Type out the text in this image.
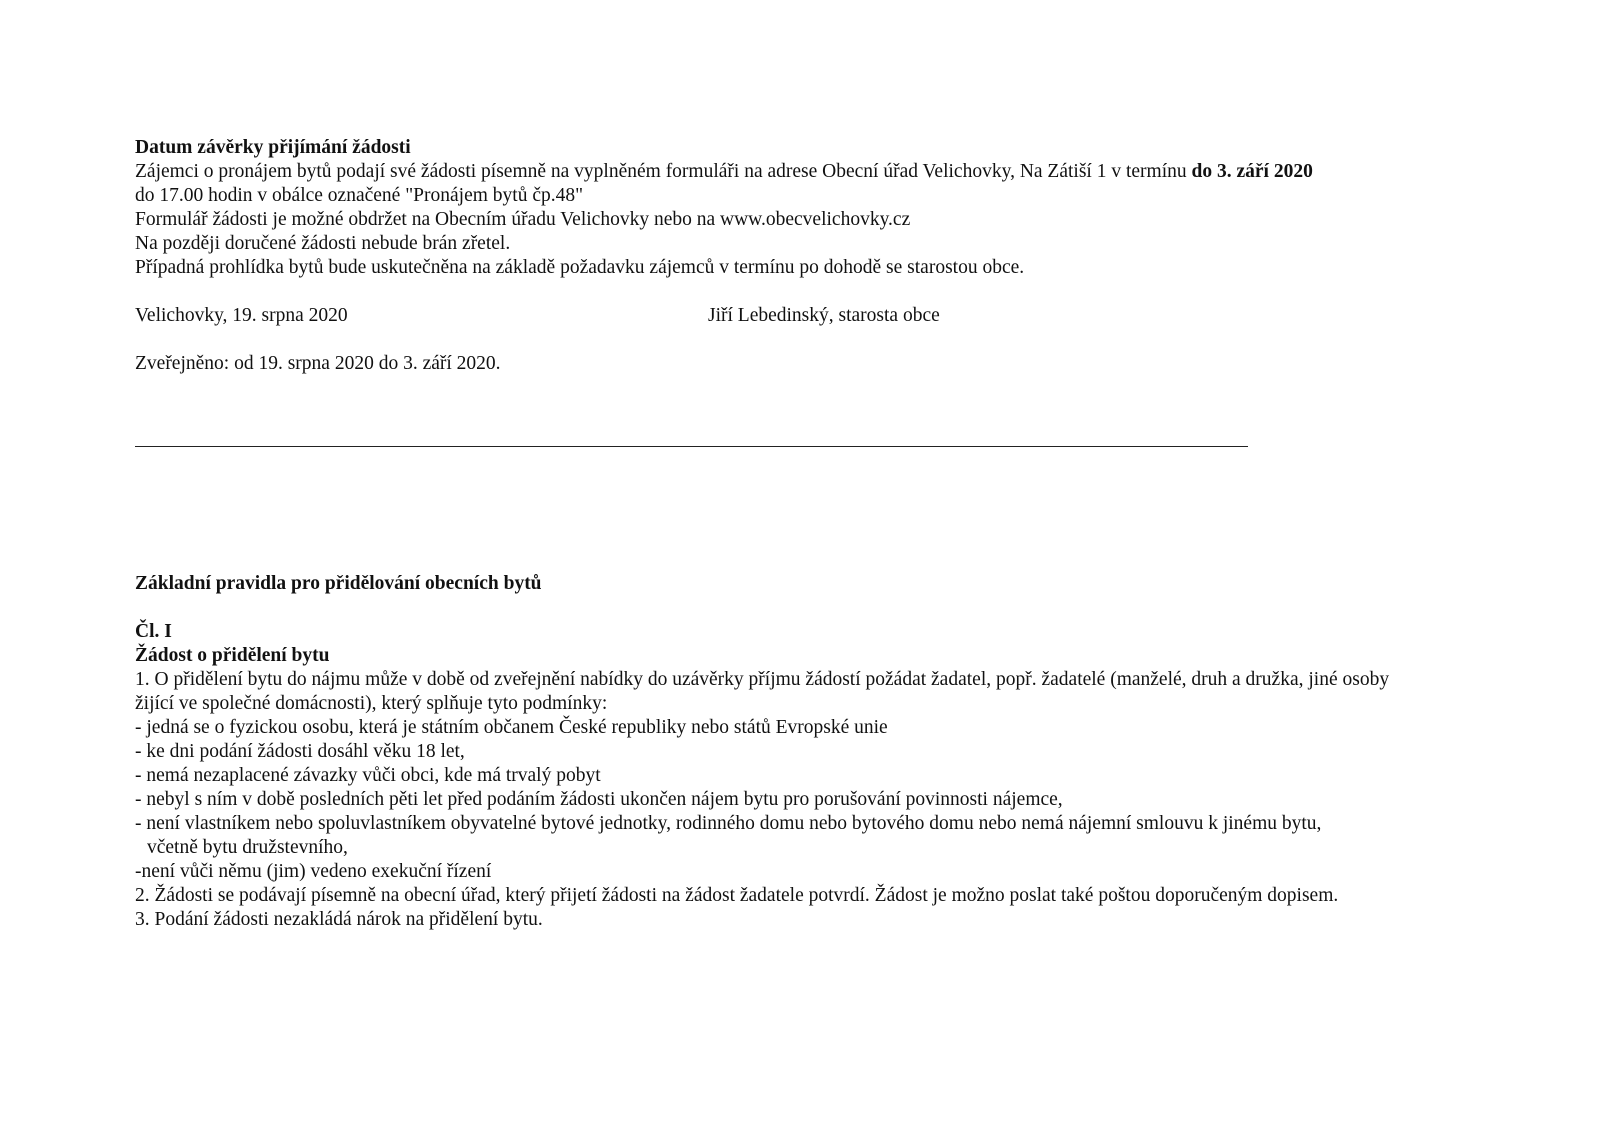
Datum závěrky přijímání žádosti
Zájemci o pronájem bytů podají své žádosti písemně na vyplněném formuláři na adrese Obecní úřad Velichovky, Na Zátiší 1 v termínu do 3. září 2020
do 17.00 hodin v obálce označené "Pronájem bytů čp.48"
Formulář žádosti je možné obdržet na Obecním úřadu Velichovky nebo na www.obecvelichovky.cz
Na později doručené žádosti nebude brán zřetel.
Případná prohlídka bytů bude uskutečněna na základě požadavku zájemců v termínu po dohodě se starostou obce.
Velichovky, 19. srpna 2020	Jiří Lebedinský, starosta obce
Zveřejněno: od 19. srpna 2020 do 3. září 2020.
Základní pravidla pro přidělování obecních bytů
Čl. I
Žádost o přidělení bytu
1. O přidělení bytu do nájmu může v době od zveřejnění nabídky do uzávěrky příjmu žádostí požádat žadatel, popř. žadatelé (manželé, druh a družka, jiné osoby
žijící ve společné domácnosti), který splňuje tyto podmínky:
- jedná se o fyzickou osobu, která je státním občanem České republiky nebo států Evropské unie
- ke dni podání žádosti dosáhl věku 18 let,
- nemá nezaplacené závazky vůči obci, kde má trvalý pobyt
- nebyl s ním v době posledních pěti let před podáním žádosti ukončen nájem bytu pro porušování povinnosti nájemce,
- není vlastníkem nebo spoluvlastníkem obyvatelné bytové jednotky, rodinného domu nebo bytového domu nebo nemá nájemní smlouvu k jinému bytu,
včetně bytu družstevního,
-není vůči němu (jim) vedeno exekuční řízení
2. Žádosti se podávají písemně na obecní úřad, který přijetí žádosti na žádost žadatele potvrdí. Žádost je možno poslat také poštou doporučeným dopisem.
3. Podání žádosti nezakládá nárok na přidělení bytu.
